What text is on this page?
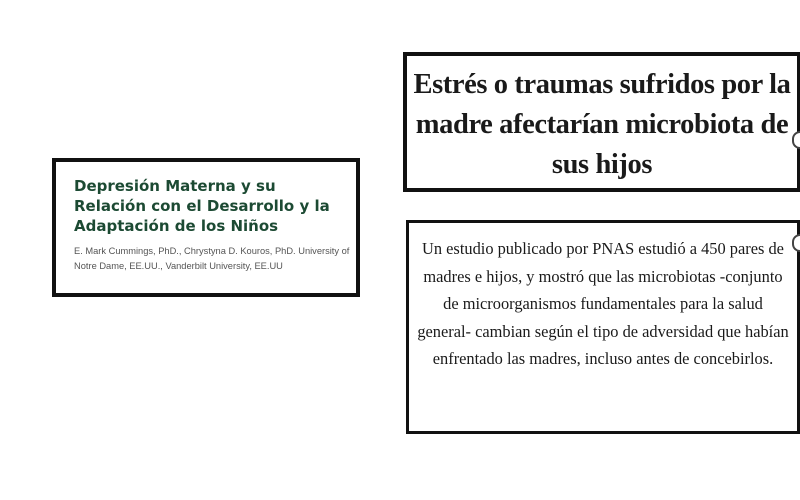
Depresión Materna y su Relación con el Desarrollo y la Adaptación de los Niños
E. Mark Cummings, PhD., Chrystyna D. Kouros, PhD. University of Notre Dame, EE.UU., Vanderbilt University, EE.UU
Estrés o traumas sufridos por la madre afectarían microbiota de sus hijos
Un estudio publicado por PNAS estudió a 450 pares de madres e hijos, y mostró que las microbiotas -conjunto de microorganismos fundamentales para la salud general- cambian según el tipo de adversidad que habían enfrentado las madres, incluso antes de concebirlos.
